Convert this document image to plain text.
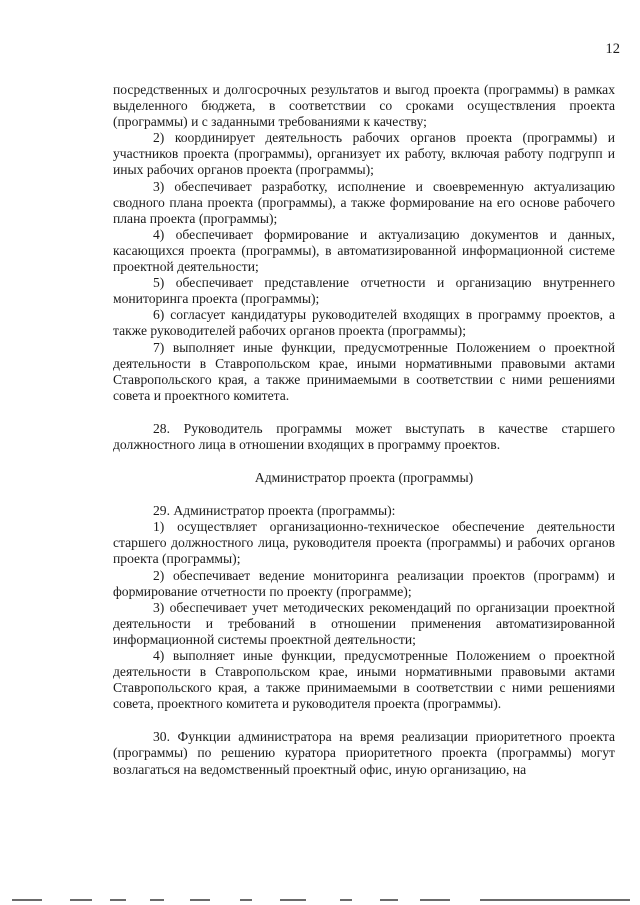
12

посредственных и долгосрочных результатов и выгод проекта (программы) в рамках выделенного бюджета, в соответствии со сроками осуществления проекта (программы) и с заданными требованиями к качеству;

2) координирует деятельность рабочих органов проекта (программы) и участников проекта (программы), организует их работу, включая работу подгрупп и иных рабочих органов проекта (программы);

3) обеспечивает разработку, исполнение и своевременную актуализацию сводного плана проекта (программы), а также формирование на его основе рабочего плана проекта (программы);

4) обеспечивает формирование и актуализацию документов и данных, касающихся проекта (программы), в автоматизированной информационной системе проектной деятельности;

5) обеспечивает представление отчетности и организацию внутреннего мониторинга проекта (программы);

6) согласует кандидатуры руководителей входящих в программу проектов, а также руководителей рабочих органов проекта (программы);

7) выполняет иные функции, предусмотренные Положением о проектной деятельности в Ставропольском крае, иными нормативными правовыми актами Ставропольского края, а также принимаемыми в соответствии с ними решениями совета и проектного комитета.

28. Руководитель программы может выступать в качестве старшего должностного лица в отношении входящих в программу проектов.

Администратор проекта (программы)

29. Администратор проекта (программы):

1) осуществляет организационно-техническое обеспечение деятельности старшего должностного лица, руководителя проекта (программы) и рабочих органов проекта (программы);

2) обеспечивает ведение мониторинга реализации проектов (программ) и формирование отчетности по проекту (программе);

3) обеспечивает учет методических рекомендаций по организации проектной деятельности и требований в отношении применения автоматизированной информационной системы проектной деятельности;

4) выполняет иные функции, предусмотренные Положением о проектной деятельности в Ставропольском крае, иными нормативными правовыми актами Ставропольского края, а также принимаемыми в соответствии с ними решениями совета, проектного комитета и руководителя проекта (программы).

30. Функции администратора на время реализации приоритетного проекта (программы) по решению куратора приоритетного проекта (программы) могут возлагаться на ведомственный проектный офис, иную организацию, на
